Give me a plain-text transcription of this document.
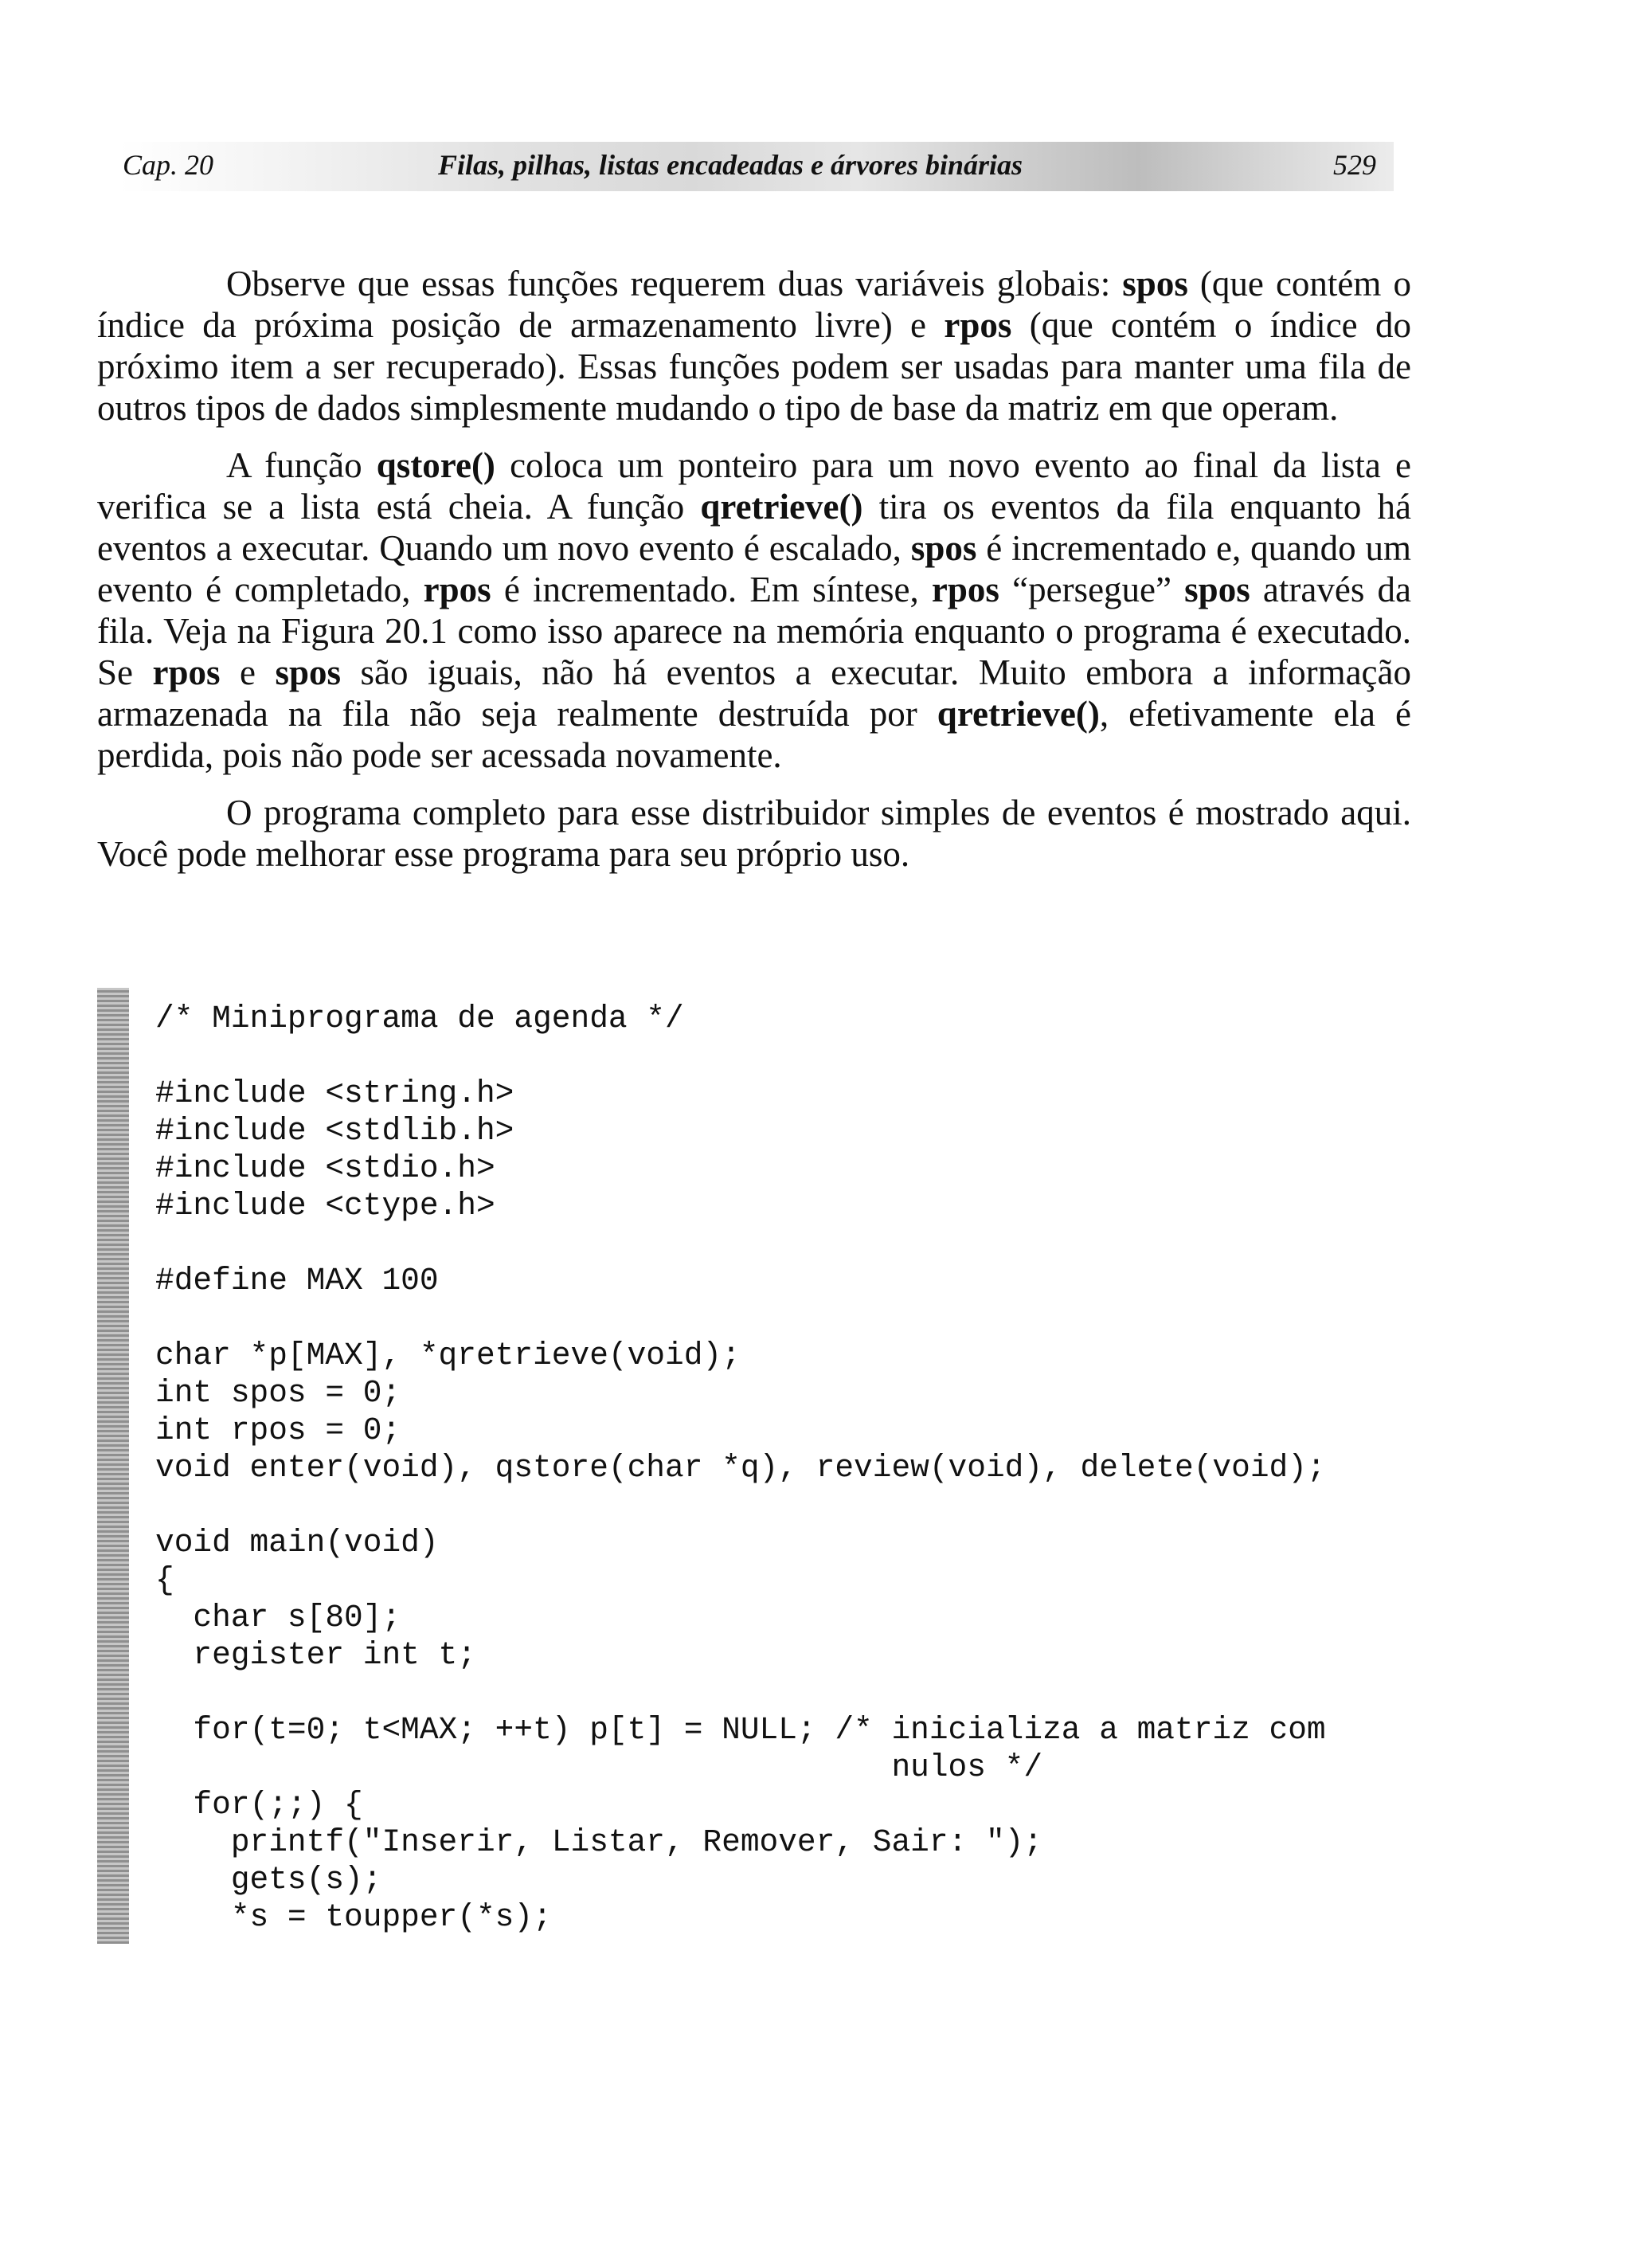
Cap. 20	Filas, pilhas, listas encadeadas e árvores binárias	529

Observe que essas funções requerem duas variáveis globais: spos (que contém o índice da próxima posição de armazenamento livre) e rpos (que contém o índice do próximo item a ser recuperado). Essas funções podem ser usadas para manter uma fila de outros tipos de dados simplesmente mudando o tipo de base da matriz em que operam.

A função qstore() coloca um ponteiro para um novo evento ao final da lista e verifica se a lista está cheia. A função qretrieve() tira os eventos da fila enquanto há eventos a executar. Quando um novo evento é escalado, spos é incrementado e, quando um evento é completado, rpos é incrementado. Em síntese, rpos “persegue” spos através da fila. Veja na Figura 20.1 como isso aparece na memória enquanto o programa é executado. Se rpos e spos são iguais, não há eventos a executar. Muito embora a informação armazenada na fila não seja realmente destruída por qretrieve(), efetivamente ela é perdida, pois não pode ser acessada novamente.

O programa completo para esse distribuidor simples de eventos é mostrado aqui. Você pode melhorar esse programa para seu próprio uso.

/* Miniprograma de agenda */
#include <string.h>
#include <stdlib.h>
#include <stdio.h>
#include <ctype.h>
#define MAX 100
char *p[MAX], *qretrieve(void);
int spos = 0;
int rpos = 0;
void enter(void), qstore(char *q), review(void), delete(void);
void main(void)
{
char s[80];
register int t;
for(t=0; t<MAX; ++t) p[t] = NULL; /* inicializa a matriz com
nulos */
for(;;) {
printf("Inserir, Listar, Remover, Sair: ");
gets(s);
*s = toupper(*s);
